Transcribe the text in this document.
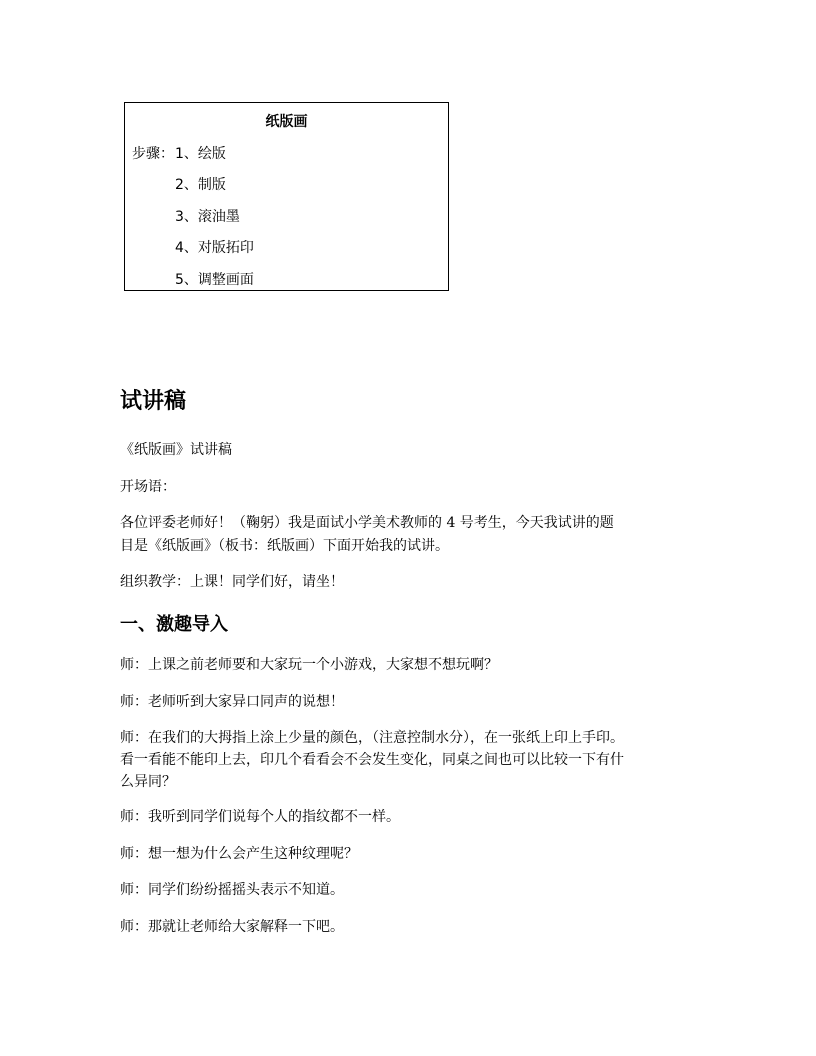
纸版画
步骤： 1、绘版
2、制版
3、滚油墨
4、对版拓印
5、调整画面
试讲稿
《纸版画》试讲稿
开场语：
各位评委老师好！（鞠躬）我是面试小学美术教师的 4 号考生，今天我试讲的题
目是《纸版画》（板书：纸版画）下面开始我的试讲。
组织教学：上课！同学们好，请坐！
一、激趣导入
师：上课之前老师要和大家玩一个小游戏，大家想不想玩啊？
师：老师听到大家异口同声的说想！
师：在我们的大拇指上涂上少量的颜色，（注意控制水分），在一张纸上印上手印。
看一看能不能印上去，印几个看看会不会发生变化，同桌之间也可以比较一下有什
么异同？
师：我听到同学们说每个人的指纹都不一样。
师：想一想为什么会产生这种纹理呢？
师：同学们纷纷摇摇头表示不知道。
师：那就让老师给大家解释一下吧。
